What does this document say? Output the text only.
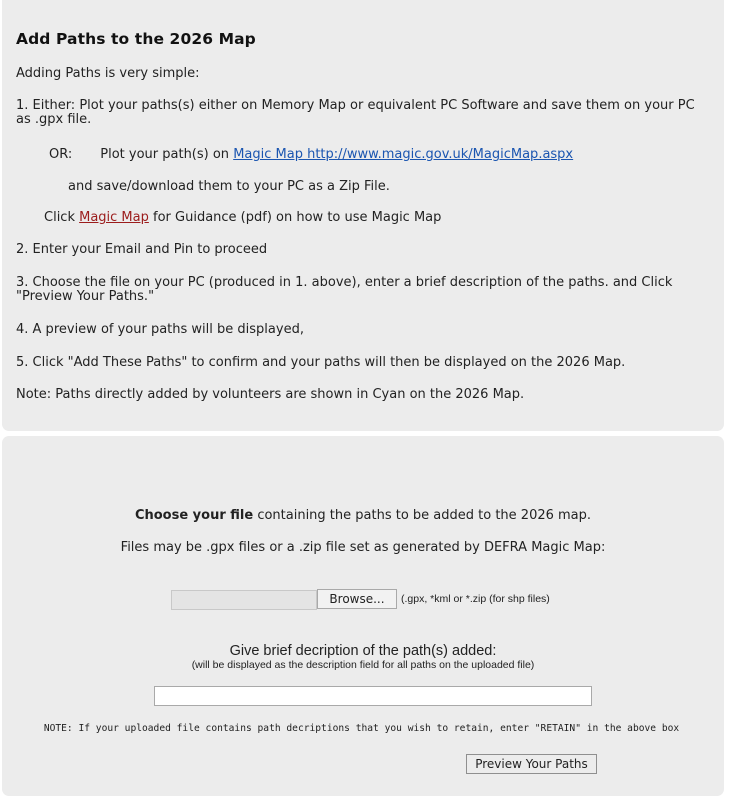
Add Paths to the 2026 Map
Adding Paths is very simple:
1. Either: Plot your paths(s) either on Memory Map or equivalent PC Software and save them on your PC as .gpx file.
OR: Plot your path(s) on Magic Map http://www.magic.gov.uk/MagicMap.aspx
and save/download them to your PC as a Zip File.
Click Magic Map for Guidance (pdf) on how to use Magic Map
2. Enter your Email and Pin to proceed
3. Choose the file on your PC (produced in 1. above), enter a brief description of the paths. and Click "Preview Your Paths."
4. A preview of your paths will be displayed,
5. Click "Add These Paths" to confirm and your paths will then be displayed on the 2026 Map.
Note: Paths directly added by volunteers are shown in Cyan on the 2026 Map.
Choose your file containing the paths to be added to the 2026 map.
Files may be .gpx files or a .zip file set as generated by DEFRA Magic Map:
Browse...	(.gpx, *kml or *.zip (for shp files)
Give brief decription of the path(s) added:
(will be displayed as the description field for all paths on the uploaded file)
NOTE: If your uploaded file contains path decriptions that you wish to retain, enter "RETAIN" in the above box
Preview Your Paths
